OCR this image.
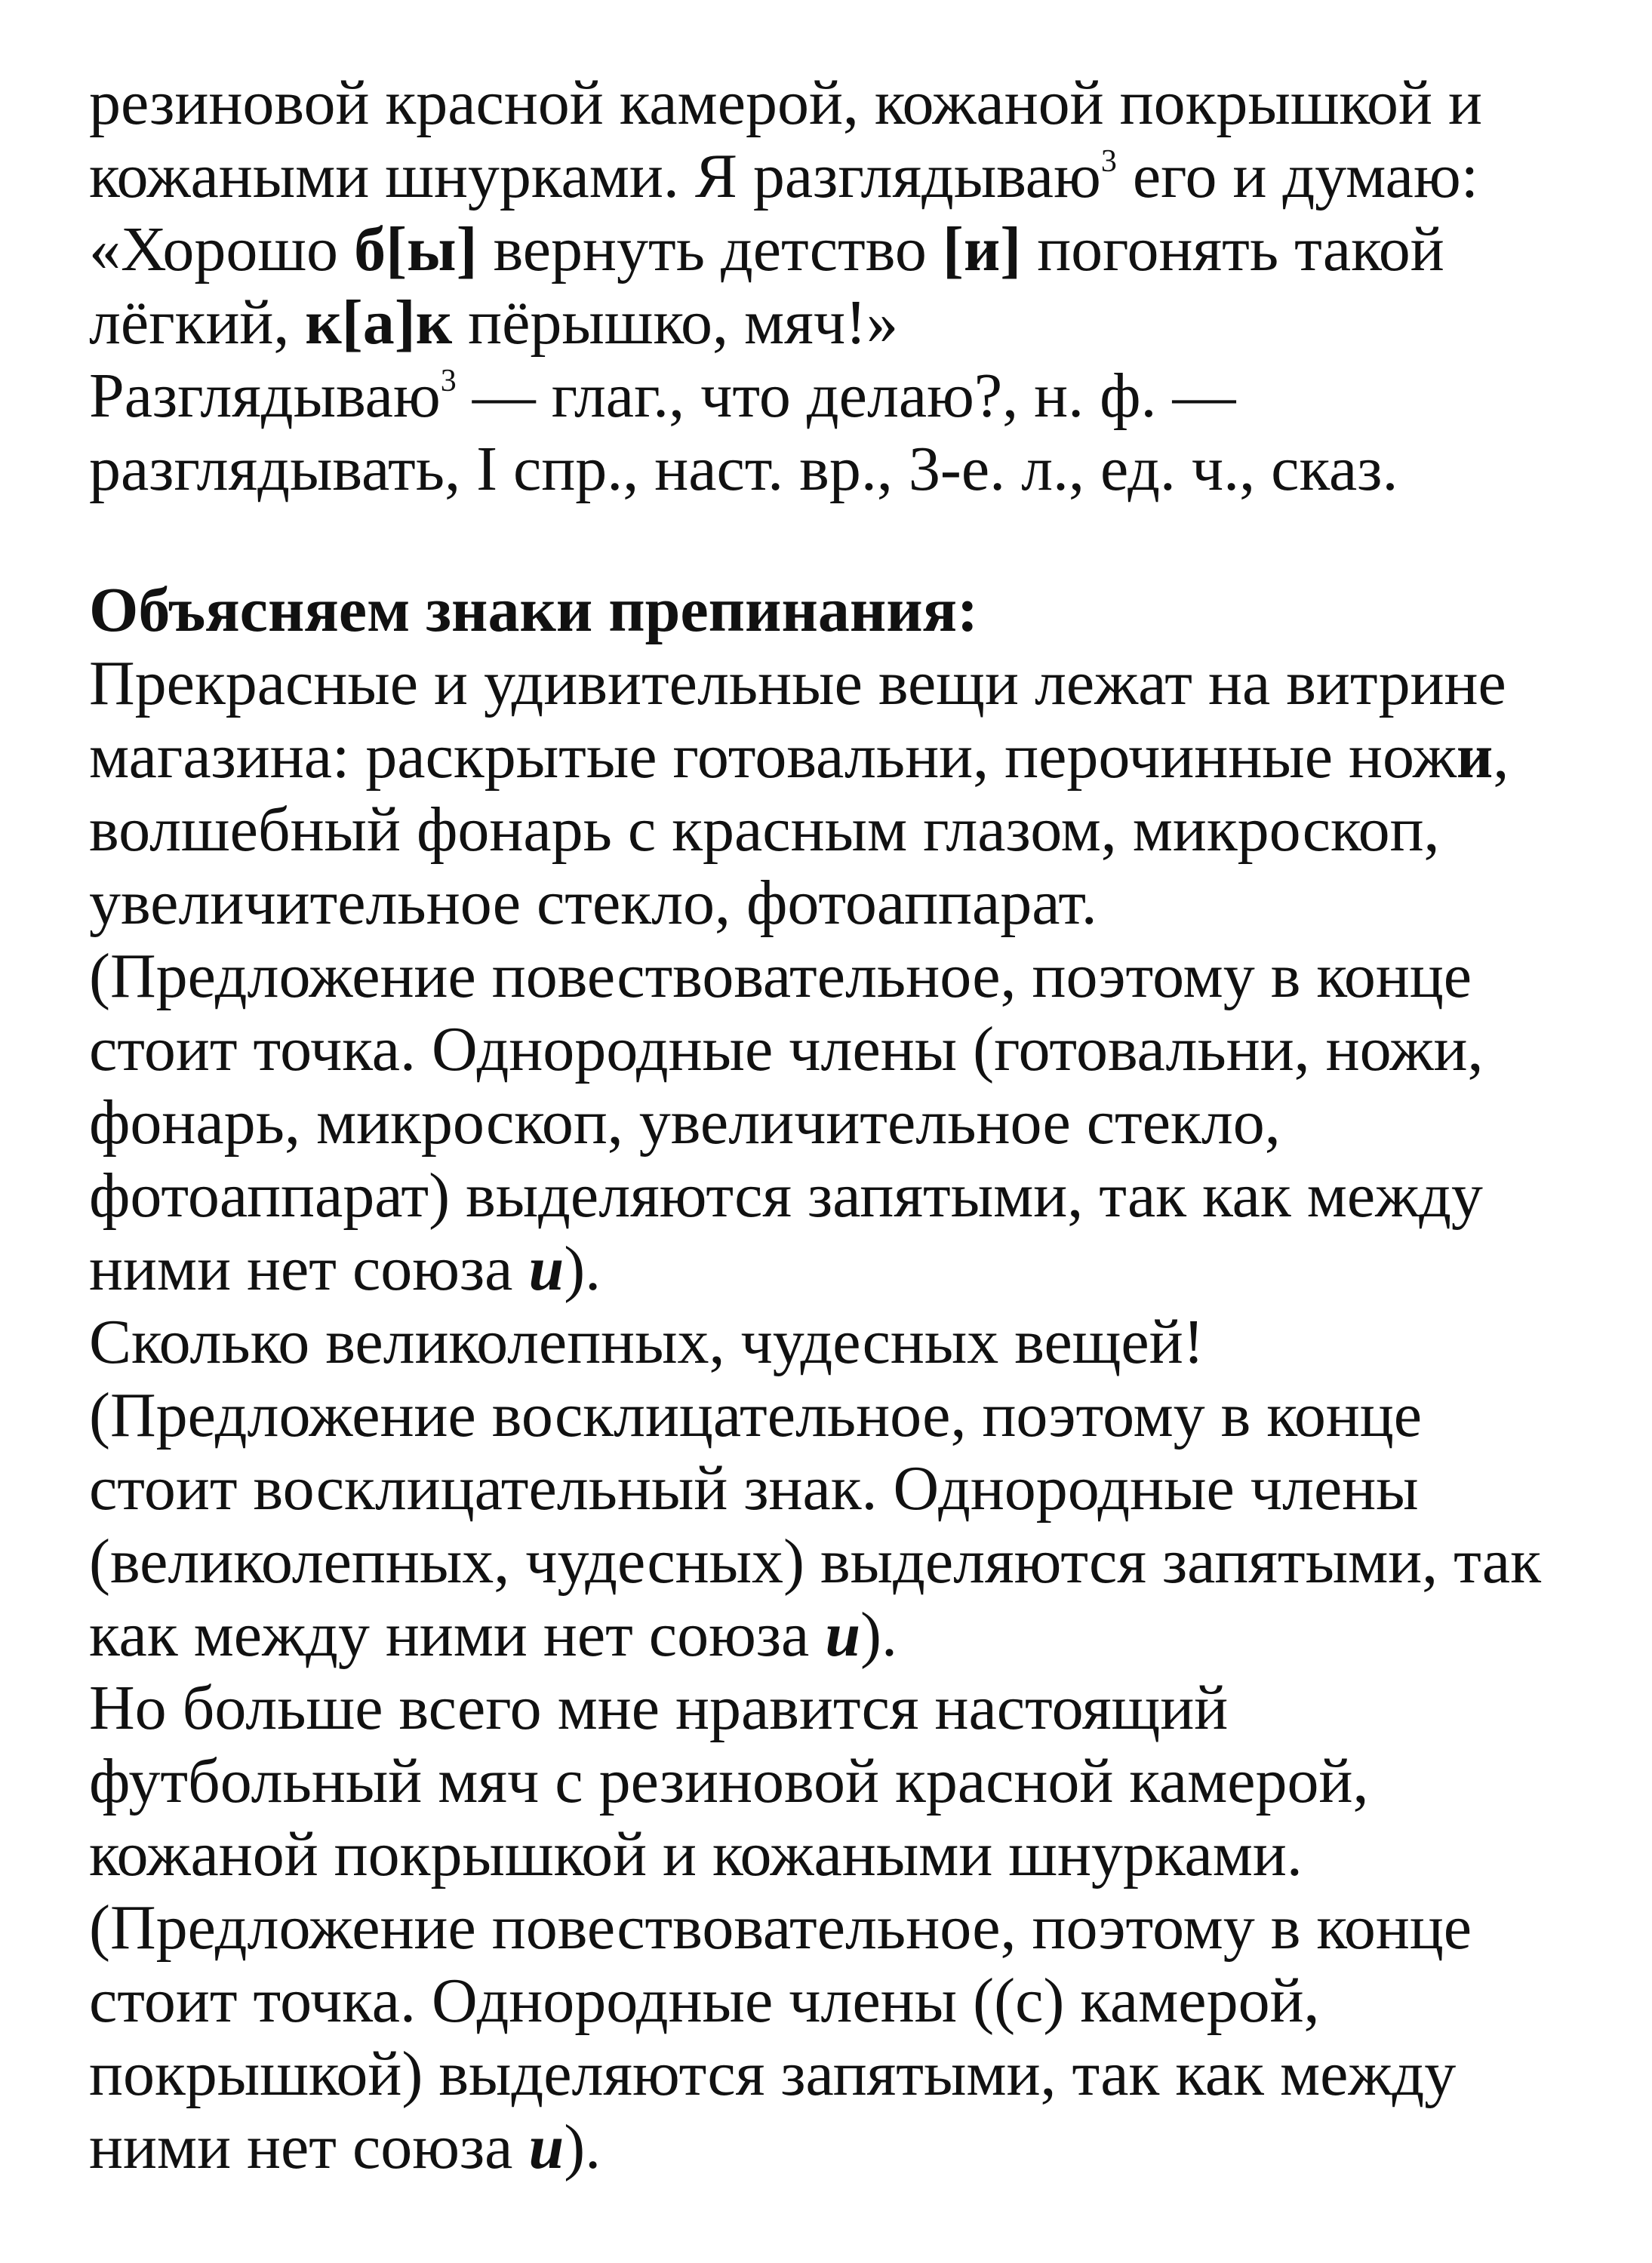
резиновой красной камерой, кожаной покрышкой и

кожаными шнурками. Я разглядываю$^3$ его и думаю:

«Хорошо б[ы] вернуть детство [и] погонять такой

лёгкий, к[а]к пёрышко, мяч!»

Разглядываю$^3$ — глаг., что делаю?, н. ф. —

разглядывать, I спр., наст. вр., 3-е. л., ед. ч., сказ.

Объясняем знаки препинания:

Прекрасные и удивительные вещи лежат на витрине

магазина: раскрытые готовальни, перочинные ножи,

волшебный фонарь с красным глазом, микроскоп,

увеличительное стекло, фотоаппарат.

(Предложение повествовательное, поэтому в конце

стоит точка. Однородные члены (готовальни, ножи,

фонарь, микроскоп, увеличительное стекло,

фотоаппарат) выделяются запятыми, так как между

ними нет союза и).

Сколько великолепных, чудесных вещей!

(Предложение восклицательное, поэтому в конце

стоит восклицательный знак. Однородные члены

(великолепных, чудесных) выделяются запятыми, так

как между ними нет союза и).

Но больше всего мне нравится настоящий

футбольный мяч с резиновой красной камерой,

кожаной покрышкой и кожаными шнурками.

(Предложение повествовательное, поэтому в конце

стоит точка. Однородные члены ((с) камерой,

покрышкой) выделяются запятыми, так как между

ними нет союза и).
